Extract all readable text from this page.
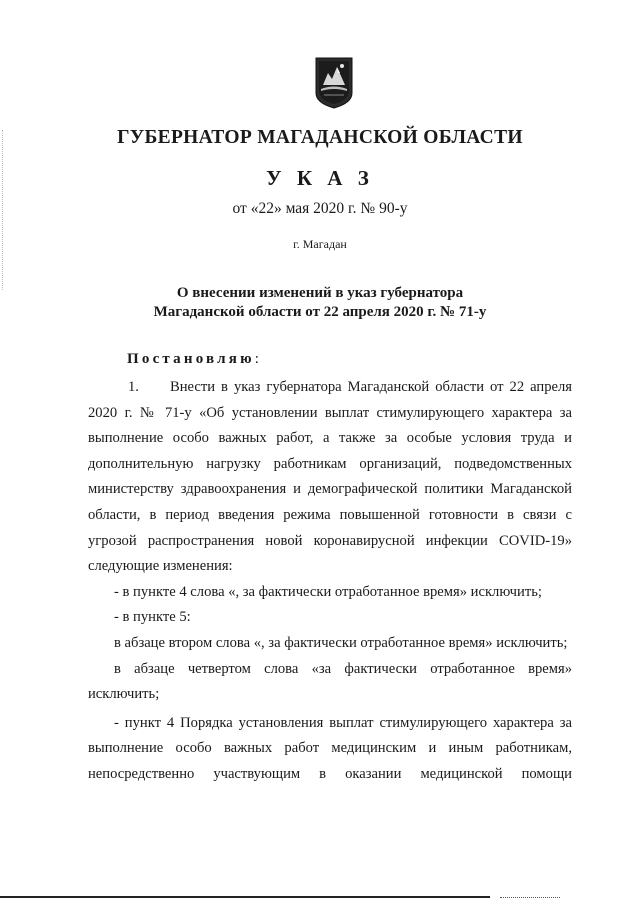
ГУБЕРНАТОР МАГАДАНСКОЙ ОБЛАСТИ
У К А З
от «22» мая 2020 г. № 90-у
г. Магадан
О внесении изменений в указ губернатора
Магаданской области от 22 апреля 2020 г. № 71-у
Постановляю:

1. Внести в указ губернатора Магаданской области от 22 апреля 2020 г. № 71-у «Об установлении выплат стимулирующего характера за выполнение особо важных работ, а также за особые условия труда и дополнительную нагрузку работникам организаций, подведомственных министерству здравоохранения и демографической политики Магаданской области, в период введения режима повышенной готовности в связи с угрозой распространения новой коронавирусной инфекции COVID-19» следующие изменения:

- в пункте 4 слова «, за фактически отработанное время» исключить;

- в пункте 5:

в абзаце втором слова «, за фактически отработанное время» исключить;

в абзаце четвертом слова «за фактически отработанное время» исключить;

- пункт 4 Порядка установления выплат стимулирующего характера за выполнение особо важных работ медицинским и иным работникам, непосредственно участвующим в оказании медицинской помощи
